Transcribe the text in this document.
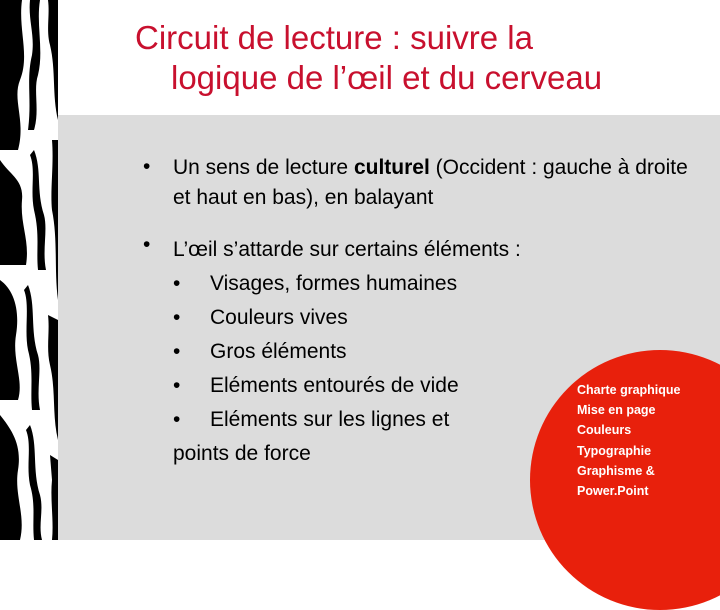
Circuit de lecture : suivre la
logique de l’œil et du cerveau
• Un sens de lecture culturel (Occident : gauche à droite et haut en bas), en balayant
• L’œil s’attarde sur certains éléments :
• Visages, formes humaines
• Couleurs vives
• Gros éléments
• Eléments entourés de vide
• Eléments sur les lignes et
points de force
Charte graphique
Mise en page
Couleurs
Typographie
Graphisme &
Power.Point
